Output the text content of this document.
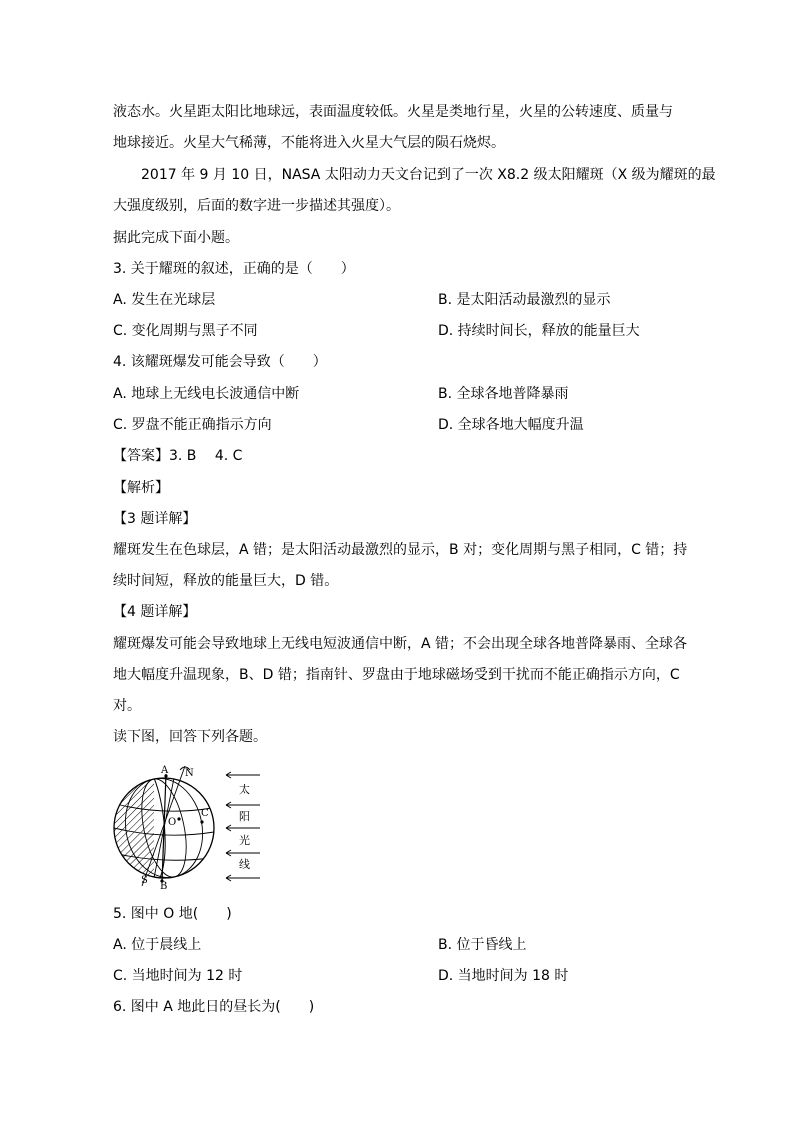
液态水。火星距太阳比地球远，表面温度较低。火星是类地行星，火星的公转速度、质量与
地球接近。火星大气稀薄，不能将进入火星大气层的陨石烧烬。
2017 年 9 月 10 日，NASA 太阳动力天文台记到了一次 X8.2 级太阳耀斑（X 级为耀斑的最
大强度级别，后面的数字进一步描述其强度）。
据此完成下面小题。
3. 关于耀斑的叙述，正确的是（　　）
A. 发生在光球层	B. 是太阳活动最激烈的显示
C. 变化周期与黑子不同	D. 持续时间长，释放的能量巨大
4. 该耀斑爆发可能会导致（　　）
A. 地球上无线电长波通信中断	B. 全球各地普降暴雨
C. 罗盘不能正确指示方向	D. 全球各地大幅度升温
【答案】3. B　 4. C
【解析】
【3 题详解】
耀斑发生在色球层，A 错；是太阳活动最激烈的显示，B 对；变化周期与黑子相同，C 错；持
续时间短，释放的能量巨大，D 错。
【4 题详解】
耀斑爆发可能会导致地球上无线电短波通信中断，A 错；不会出现全球各地普降暴雨、全球各
地大幅度升温现象，B、D 错；指南针、罗盘由于地球磁场受到干扰而不能正确指示方向，C
对。
读下图，回答下列各题。
A N
C
O
S
B
太
阳
光
线
5. 图中 O 地(　　)
A. 位于晨线上	B. 位于昏线上
C. 当地时间为 12 时	D. 当地时间为 18 时
6. 图中 A 地此日的昼长为(　　)
